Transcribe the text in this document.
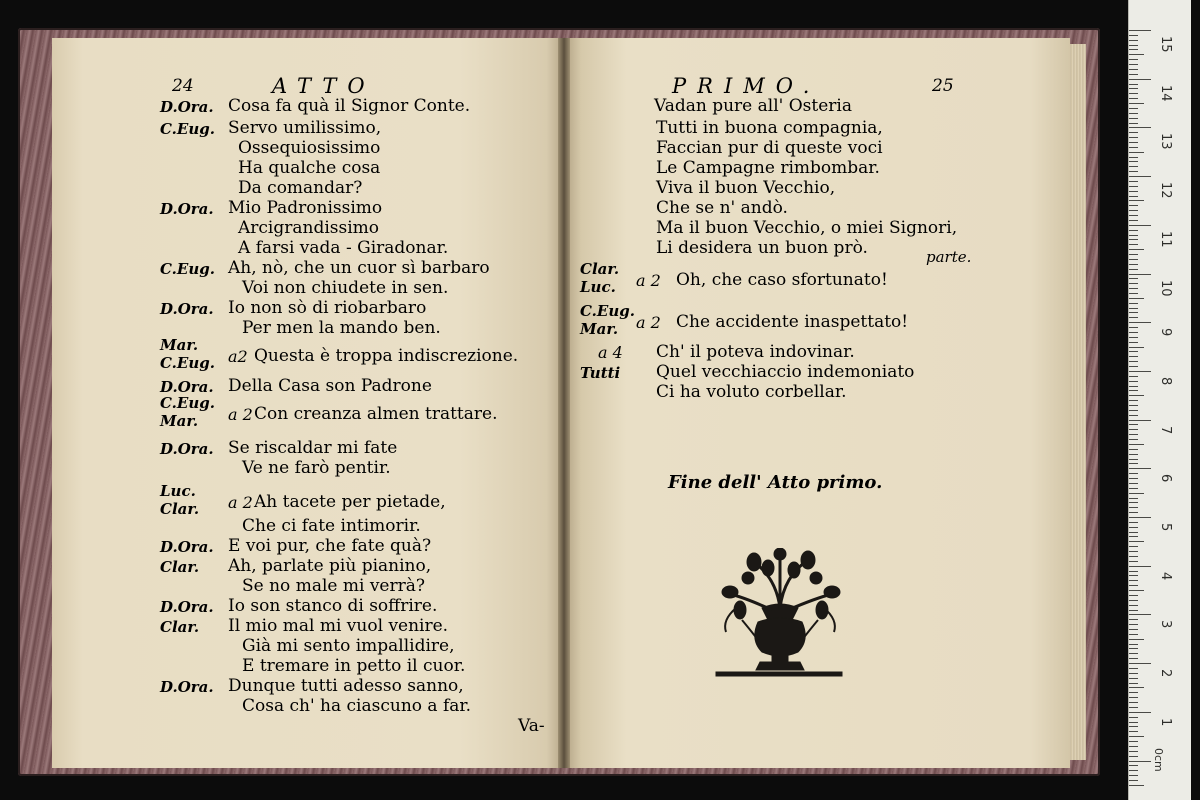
24	ATTO	PRIMO.	25
D.Ora. Cosa fa quà il Signor Conte.
C.Eug. Servo umilissimo,
Ossequiosissimo
Ha qualche cosa
Da comandar?
D.Ora. Mio Padronissimo
Arcigrandissimo
A farsi vada - Giradonar.
C.Eug. Ah, nò, che un cuor sì barbaro
Voi non chiudete in sen.
D.Ora. Io non sò di riobarbaro
Per men la mando ben.
Mar.
C.Eug. a2 Questa è troppa indiscrezione.
D.Ora. Della Casa son Padrone
C.Eug.
Mar. a 2 Con creanza almen trattare.
D.Ora. Se riscaldar mi fate
Ve ne farò pentir.
Luc.
Clar. a 2 Ah tacete per pietade,
Che ci fate intimorir.
D.Ora. E voi pur, che fate quà?
Clar. Ah, parlate più pianino,
Se no male mi verrà?
D.Ora. Io son stanco di soffrire.
Clar. Il mio mal mi vuol venire.
Già mi sento impallidire,
E tremare in petto il cuor.
D.Ora. Dunque tutti adesso sanno,
Cosa ch' ha ciascuno a far.
Vadan pure all' Osteria
Tutti in buona compagnia,
Faccian pur di queste voci
Le Campagne rimbombar.
Viva il buon Vecchio,
Che se n' andò.
Ma il buon Vecchio, o miei Signori,
Li desidera un buon prò.
Clar.
Luc. a 2 Oh, che caso sfortunato!
C.Eug.
Mar. a 2 Che accidente inaspettato!
a 4 Ch' il poteva indovinar.
Tutti Quel vecchiaccio indemoniato
Ci ha voluto corbellar.
Va-
parte.
Fine dell' Atto primo.
0cm
15
14
13
12
11
10
9
8
7
6
5
4
3
2
1
